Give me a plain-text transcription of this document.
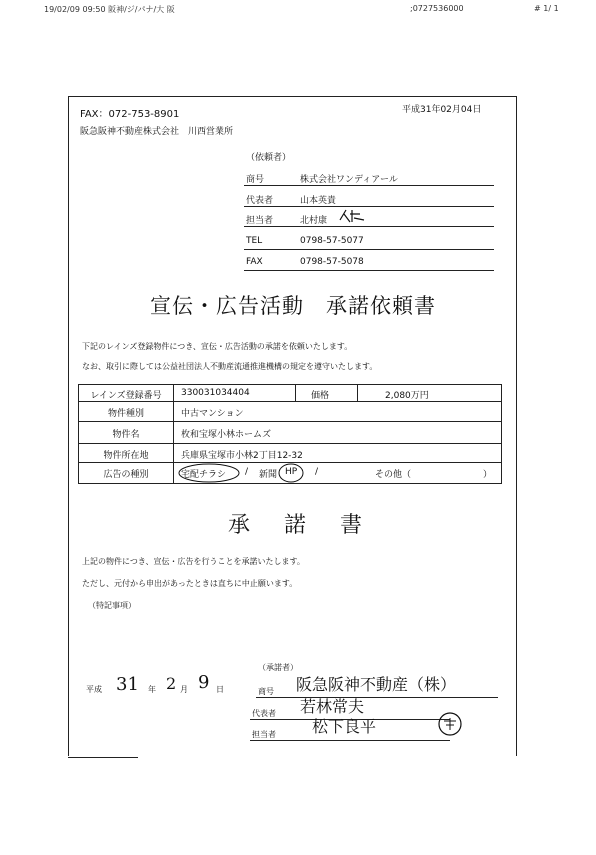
19/02/09 09:50 阪神/ジ/パナ/大 阪	;0727536000	# 1/ 1
FAX：072-753-8901
阪急阪神不動産株式会社　川西営業所
平成31年02月04日
（依頼者）
商号	株式会社ワンディアール
代表者	山本英貴
担当者	北村康　
TEL	0798-57-5077
FAX	0798-57-5078
宣伝・広告活動　承諾依頼書
下記のレインズ登録物件につき、宣伝・広告活動の承諾を依頼いたします。
なお、取引に際しては公益社団法人不動産流通推進機構の規定を遵守いたします。
レインズ登録番号	330031034404	価格	2,080万円
物件種別	中古マンション
物件名	枚和宝塚小林ホームズ
物件所在地	兵庫県宝塚市小林2丁目12-32
広告の種別	宅配チラシ / 新聞 HP /	その他（	）
承諾書
上記の物件につき、宣伝・広告を行うことを承諾いたします。
ただし、元付から申出があったときは直ちに中止願います。
（特記事項）
（承諾者）
平成 31 年 2 月 9 日	商号 阪急阪神不動産（株）
代表者 若林常夫
担当者 松下良平
